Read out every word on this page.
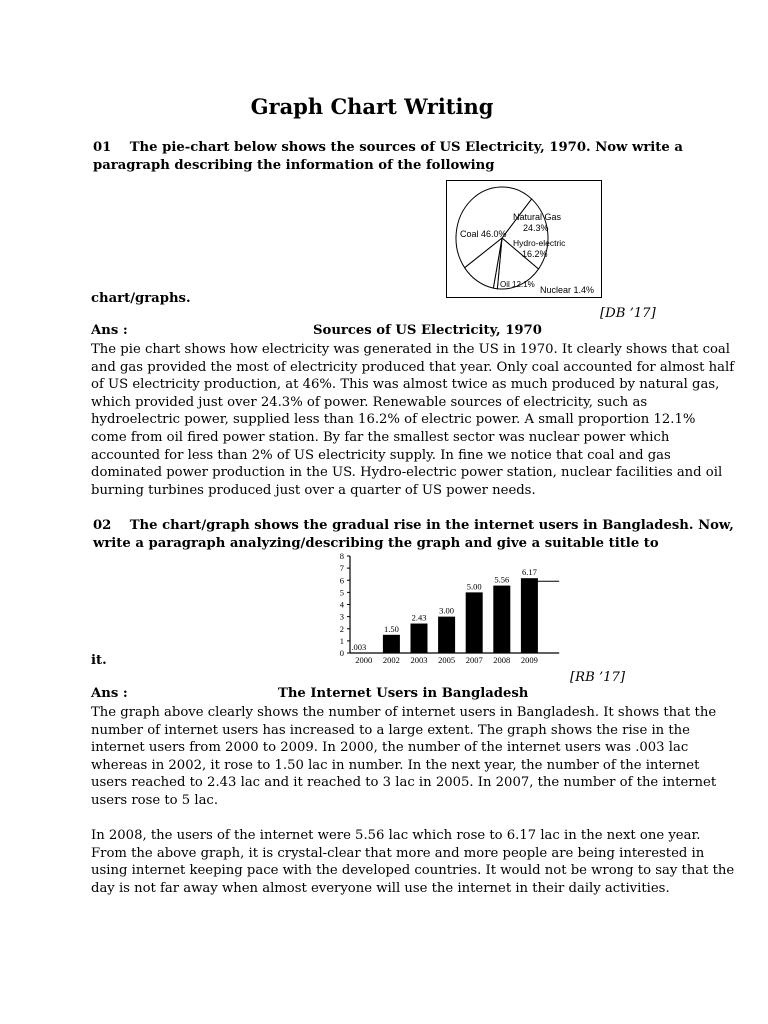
Graph Chart Writing
01 The pie-chart below shows the sources of US Electricity, 1970. Now write a
paragraph describing the information of the following
Coal 46.0%
Natural Gas
24.3%
Hydro-electric
16.2%
Oil 12.1%
Nuclear 1.4%
chart/graphs.
[DB ’17]
Ans :	Sources of US Electricity, 1970
The pie chart shows how electricity was generated in the US in 1970. It clearly shows that coal
and gas provided the most of electricity produced that year. Only coal accounted for almost half
of US electricity production, at 46%. This was almost twice as much produced by natural gas,
which provided just over 24.3% of power. Renewable sources of electricity, such as
hydroelectric power, supplied less than 16.2% of electric power. A small proportion 12.1%
come from oil fired power station. By far the smallest sector was nuclear power which
accounted for less than 2% of US electricity supply. In fine we notice that coal and gas
dominated power production in the US. Hydro-electric power station, nuclear facilities and oil
burning turbines produced just over a quarter of US power needs.
02 The chart/graph shows the gradual rise in the internet users in Bangladesh. Now,
write a paragraph analyzing/describing the graph and give a suitable title to
0
1
2
3
4
5
6
7
8
.003
2000
1.50
2002
2.43
2003
3.00
2005
5.00
2007
5.56
2008
6.17
2009
it.
[RB ’17]
Ans :	The Internet Users in Bangladesh
The graph above clearly shows the number of internet users in Bangladesh. It shows that the
number of internet users has increased to a large extent. The graph shows the rise in the
internet users from 2000 to 2009. In 2000, the number of the internet users was .003 lac
whereas in 2002, it rose to 1.50 lac in number. In the next year, the number of the internet
users reached to 2.43 lac and it reached to 3 lac in 2005. In 2007, the number of the internet
users rose to 5 lac.
In 2008, the users of the internet were 5.56 lac which rose to 6.17 lac in the next one year.
From the above graph, it is crystal-clear that more and more people are being interested in
using internet keeping pace with the developed countries. It would not be wrong to say that the
day is not far away when almost everyone will use the internet in their daily activities.
